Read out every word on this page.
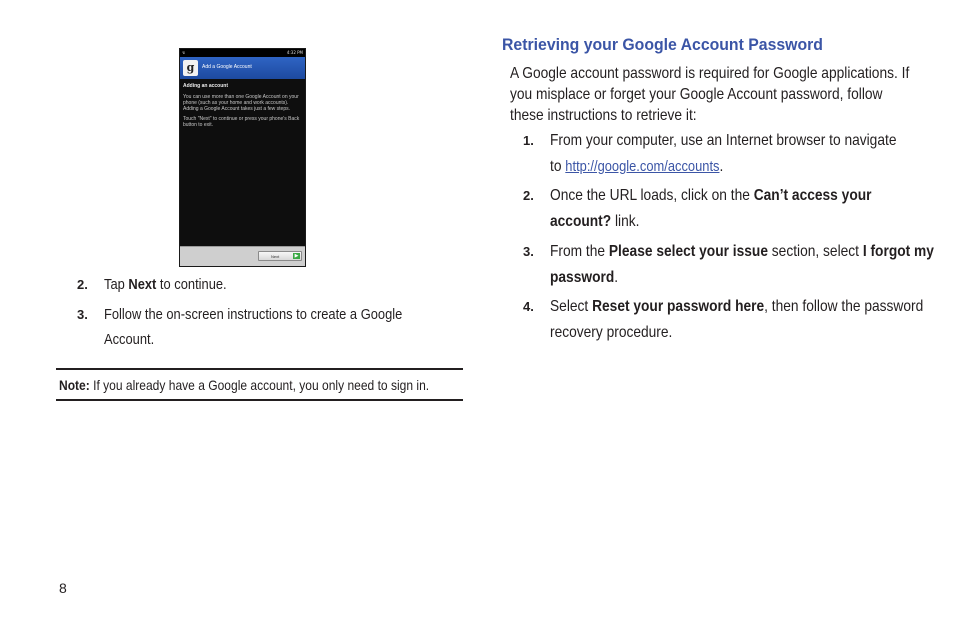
↯	4:32 PM
g	Add a Google Account
Adding an account

You can use more than one Google Account on your phone (such as your home and work accounts). Adding a Google Account takes just a few steps.

Touch "Next" to continue or press your phone's Back button to exit.

Next	▶
2. Tap Next to continue.
3. Follow the on-screen instructions to create a Google
Account.
Note: If you already have a Google account, you only need to sign in.
Retrieving your Google Account Password
A Google account password is required for Google applications. If
you misplace or forget your Google Account password, follow
these instructions to retrieve it:
1. From your computer, use an Internet browser to navigate
to http://google.com/accounts.
2. Once the URL loads, click on the Can’t access your
account? link.
3. From the Please select your issue section, select I forgot my
password.
4. Select Reset your password here, then follow the password
recovery procedure.
8
